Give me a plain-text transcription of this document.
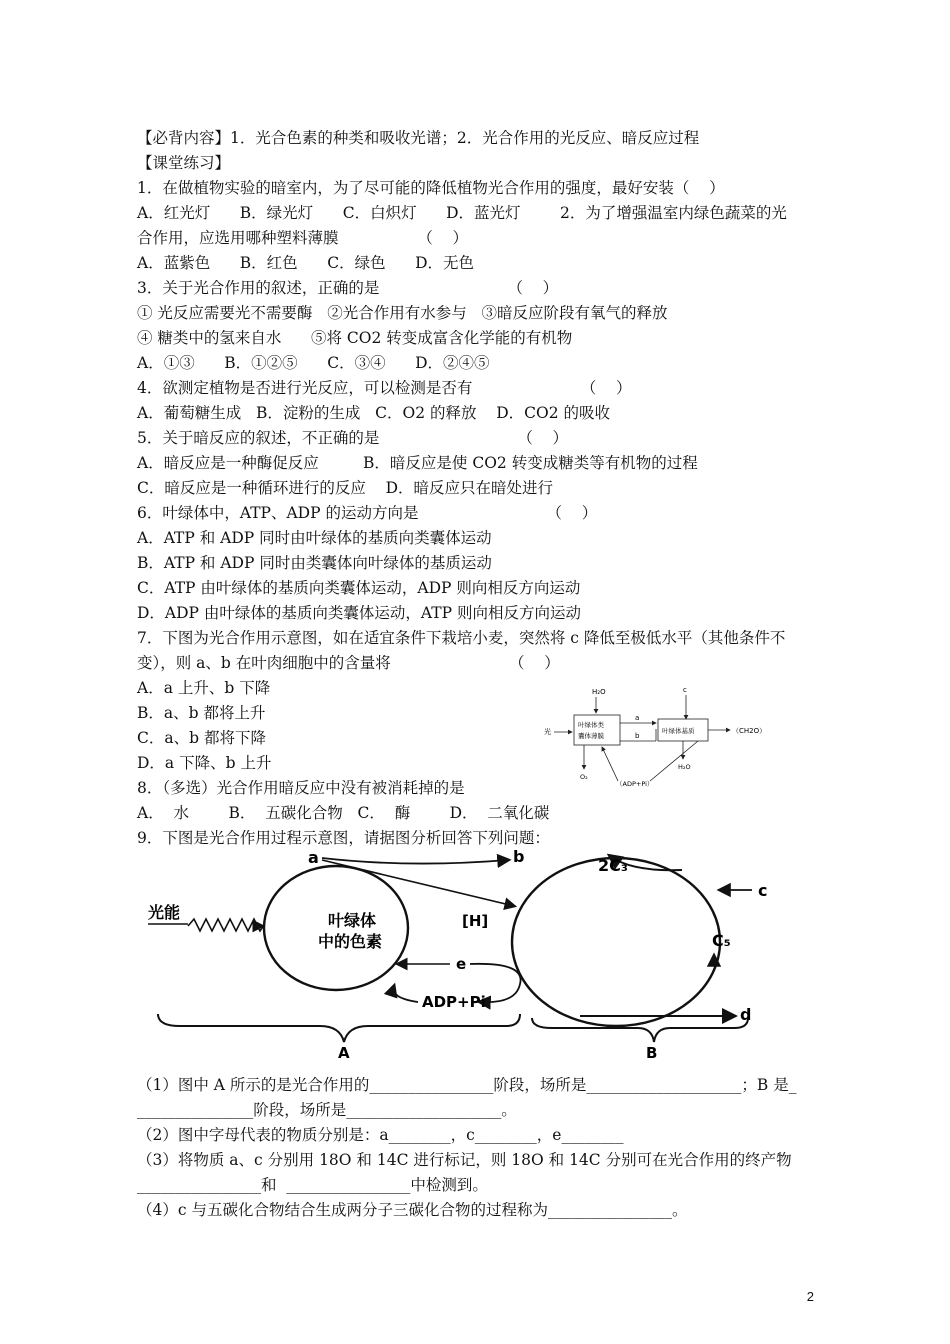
【必背内容】1．光合色素的种类和吸收光谱；2．光合作用的光反应、暗反应过程
【课堂练习】
1．在做植物实验的暗室内，为了尽可能的降低植物光合作用的强度，最好安装（    ）
A．红光灯      B．绿光灯      C．白炽灯      D．蓝光灯        2．为了增强温室内绿色蔬菜的光
合作用，应选用哪种塑料薄膜                （    ）
A．蓝紫色      B．红色      C．绿色      D．无色
3．关于光合作用的叙述，正确的是                          （    ）
① 光反应需要光不需要酶   ②光合作用有水参与   ③暗反应阶段有氧气的释放
④ 糖类中的氢来自水      ⑤将 CO2 转变成富含化学能的有机物
A．①③      B．①②⑤      C．③④      D．②④⑤
4．欲测定植物是否进行光反应，可以检测是否有                      （    ）
A．葡萄糖生成   B．淀粉的生成   C．O2 的释放    D．CO2 的吸收
5．关于暗反应的叙述，不正确的是                            （    ）
A．暗反应是一种酶促反应         B．暗反应是使 CO2 转变成糖类等有机物的过程
C．暗反应是一种循环进行的反应    D．暗反应只在暗处进行
6．叶绿体中，ATP、ADP 的运动方向是                          （    ）
A．ATP 和 ADP 同时由叶绿体的基质向类囊体运动
B．ATP 和 ADP 同时由类囊体向叶绿体的基质运动
C．ATP 由叶绿体的基质向类囊体运动，ADP 则向相反方向运动
D．ADP 由叶绿体的基质向类囊体运动，ATP 则向相反方向运动
7．下图为光合作用示意图，如在适宜条件下栽培小麦，突然将 c 降低至极低水平（其他条件不
变），则 a、b 在叶肉细胞中的含量将                        （    ）
A．a 上升、b 下降
B．a、b 都将上升
C．a、b 都将下降
D．a 下降、b 上升
8．（多选）光合作用暗反应中没有被消耗掉的是
A．  水        B．  五碳化合物   C．  酶        D．  二氧化碳
9．下图是光合作用过程示意图，请据图分析回答下列问题：
H₂O	c
光
叶绿体类
囊体薄膜
a
b
叶绿体基质	（CH2O）
O₂
H₂O
（ADP+Pi）
a	b
光能	叶绿体
中的色素
[H]
e
ADP+Pi
2C₃
c
C₅
d
A	B
（1）图中 A 所示的是光合作用的________________阶段，场所是____________________；B 是_
_______________阶段，场所是____________________。
（2）图中字母代表的物质分别是：a________，c________，e________
（3）将物质 a、c 分别用 18O 和 14C 进行标记，则 18O 和 14C 分别可在光合作用的终产物
________________和  ________________中检测到。
（4）c 与五碳化合物结合生成两分子三碳化合物的过程称为________________。
2
